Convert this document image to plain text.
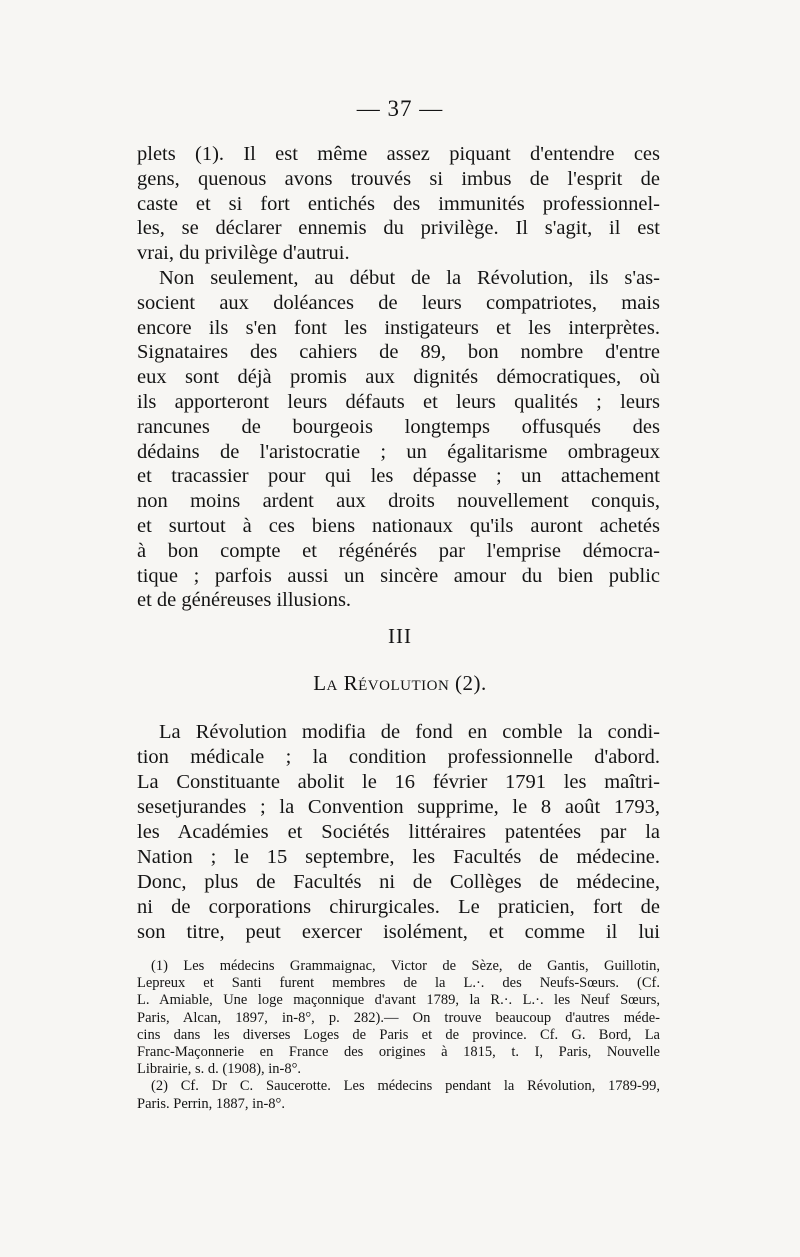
— 37 —
plets (1). Il est même assez piquant d'entendre ces
gens, quenous avons trouvés si imbus de l'esprit de
caste et si fort entichés des immunités professionnel-
les, se déclarer ennemis du privilège. Il s'agit, il est
vrai, du privilège d'autrui.
Non seulement, au début de la Révolution, ils s'as-
socient aux doléances de leurs compatriotes, mais
encore ils s'en font les instigateurs et les interprètes.
Signataires des cahiers de 89, bon nombre d'entre
eux sont déjà promis aux dignités démocratiques, où
ils apporteront leurs défauts et leurs qualités ; leurs
rancunes de bourgeois longtemps offusqués des
dédains de l'aristocratie ; un égalitarisme ombrageux
et tracassier pour qui les dépasse ; un attachement
non moins ardent aux droits nouvellement conquis,
et surtout à ces biens nationaux qu'ils auront achetés
à bon compte et régénérés par l'emprise démocra-
tique ; parfois aussi un sincère amour du bien public
et de généreuses illusions.
III
La Révolution (2).
La Révolution modifia de fond en comble la condi-
tion médicale ; la condition professionnelle d'abord.
La Constituante abolit le 16 février 1791 les maîtri-
sesetjurandes ; la Convention supprime, le 8 août 1793,
les Académies et Sociétés littéraires patentées par la
Nation ; le 15 septembre, les Facultés de médecine.
Donc, plus de Facultés ni de Collèges de médecine,
ni de corporations chirurgicales. Le praticien, fort de
son titre, peut exercer isolément, et comme il lui
(1) Les médecins Grammaignac, Victor de Sèze, de Gantis, Guillotin,
Lepreux et Santi furent membres de la L.·. des Neufs-Sœurs. (Cf.
L. Amiable, Une loge maçonnique d'avant 1789, la R.·. L.·. les Neuf Sœurs,
Paris, Alcan, 1897, in-8°, p. 282).— On trouve beaucoup d'autres méde-
cins dans les diverses Loges de Paris et de province. Cf. G. Bord, La
Franc-Maçonnerie en France des origines à 1815, t. I, Paris, Nouvelle
Librairie, s. d. (1908), in-8°.
(2) Cf. Dr C. Saucerotte. Les médecins pendant la Révolution, 1789-99,
Paris. Perrin, 1887, in-8°.
